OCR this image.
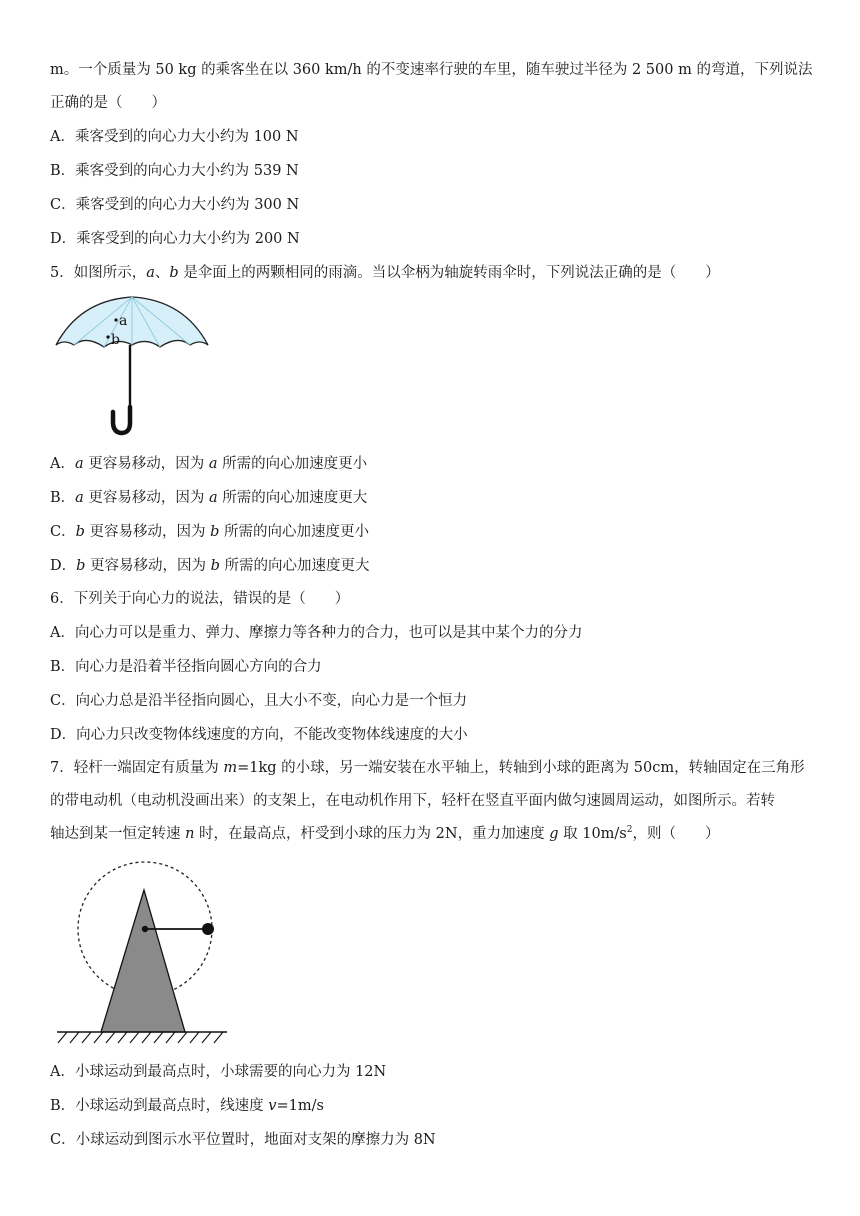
m。一个质量为 50 kg 的乘客坐在以 360 km/h 的不变速率行驶的车里，随车驶过半径为 2 500 m 的弯道，下列说法
正确的是（　　）
A．乘客受到的向心力大小约为 100 N
B．乘客受到的向心力大小约为 539 N
C．乘客受到的向心力大小约为 300 N
D．乘客受到的向心力大小约为 200 N
5．如图所示，a、b 是伞面上的两颗相同的雨滴。当以伞柄为轴旋转雨伞时，下列说法正确的是（　　）
a
b
A．a 更容易移动，因为 a 所需的向心加速度更小
B．a 更容易移动，因为 a 所需的向心加速度更大
C．b 更容易移动，因为 b 所需的向心加速度更小
D．b 更容易移动，因为 b 所需的向心加速度更大
6．下列关于向心力的说法，错误的是（　　）
A．向心力可以是重力、弹力、摩擦力等各种力的合力，也可以是其中某个力的分力
B．向心力是沿着半径指向圆心方向的合力
C．向心力总是沿半径指向圆心，且大小不变，向心力是一个恒力
D．向心力只改变物体线速度的方向，不能改变物体线速度的大小
7．轻杆一端固定有质量为 m=1kg 的小球，另一端安装在水平轴上，转轴到小球的距离为 50cm，转轴固定在三角形
的带电动机（电动机没画出来）的支架上，在电动机作用下，轻杆在竖直平面内做匀速圆周运动，如图所示。若转
轴达到某一恒定转速 n 时，在最高点，杆受到小球的压力为 2N，重力加速度 g 取 $10m/s^2$，则（　　）
A．小球运动到最高点时，小球需要的向心力为 12N
B．小球运动到最高点时，线速度 v=1m/s
C．小球运动到图示水平位置时，地面对支架的摩擦力为 8N
